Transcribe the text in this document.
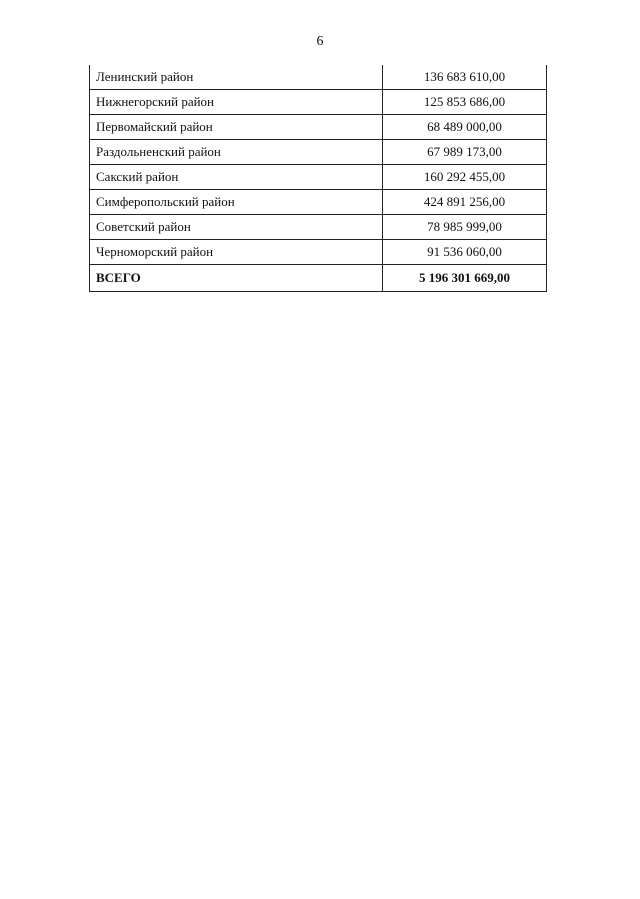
6
Ленинский район	136 683 610,00
Нижнегорский район	125 853 686,00
Первомайский район	68 489 000,00
Раздольненский район	67 989 173,00
Сакский район	160 292 455,00
Симферопольский район	424 891 256,00
Советский район	78 985 999,00
Черноморский район	91 536 060,00
ВСЕГО	5 196 301 669,00
